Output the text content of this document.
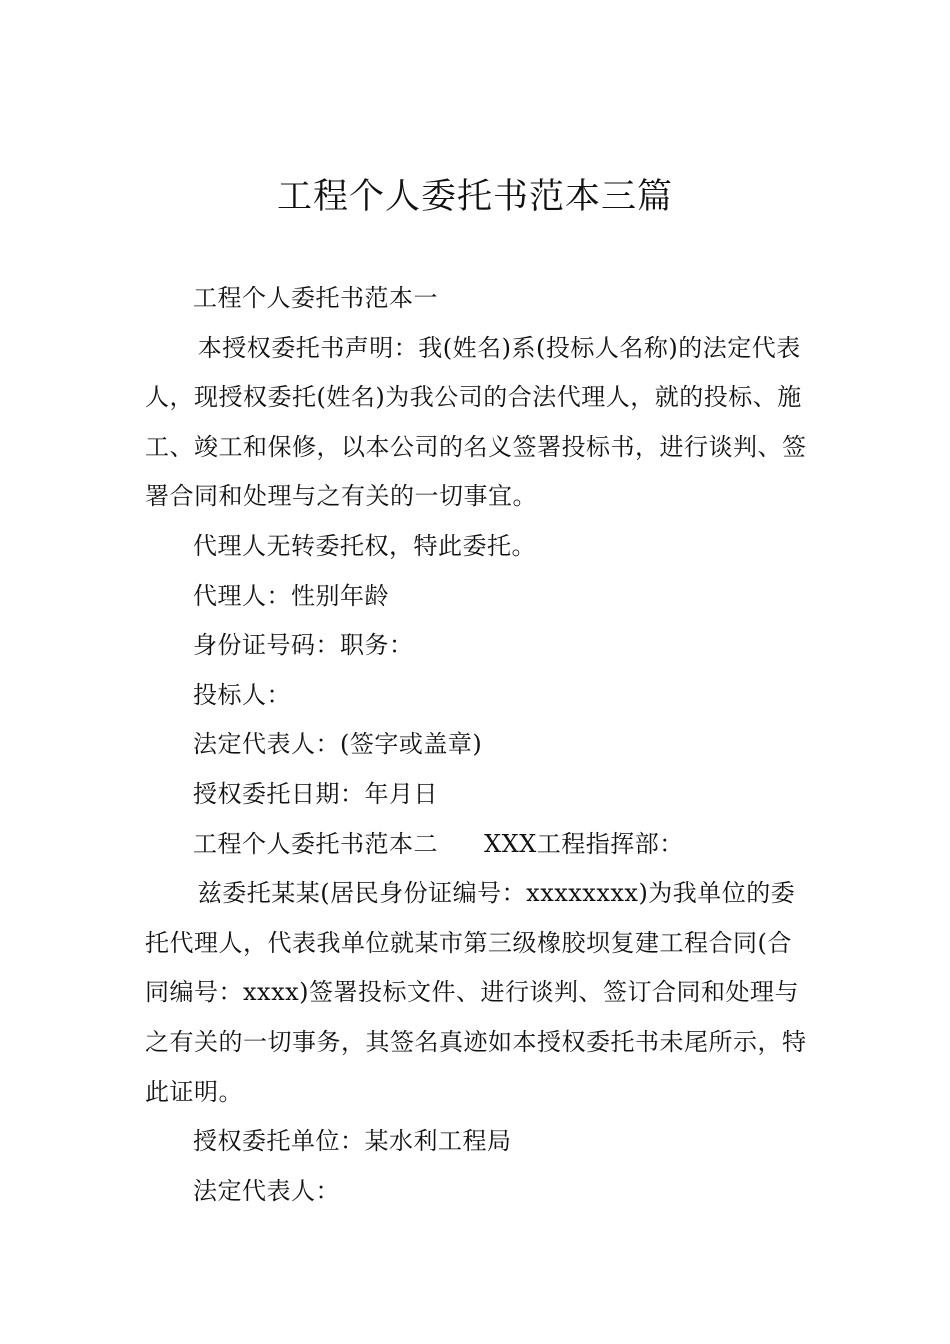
工程个人委托书范本三篇

工程个人委托书范本一

本授权委托书声明：我(姓名)系(投标人名称)的法定代表人，现授权委托(姓名)为我公司的合法代理人，就的投标、施工、竣工和保修，以本公司的名义签署投标书，进行谈判、签署合同和处理与之有关的一切事宜。

代理人无转委托权，特此委托。

代理人：性别年龄

身份证号码：职务：

投标人：

法定代表人：(签字或盖章)

授权委托日期：年月日

工程个人委托书范本二 XXX工程指挥部：

兹委托某某(居民身份证编号：xxxxxxxx)为我单位的委托代理人，代表我单位就某市第三级橡胶坝复建工程合同(合同编号：xxxx)签署投标文件、进行谈判、签订合同和处理与之有关的一切事务，其签名真迹如本授权委托书未尾所示，特此证明。

授权委托单位：某水利工程局

法定代表人：
